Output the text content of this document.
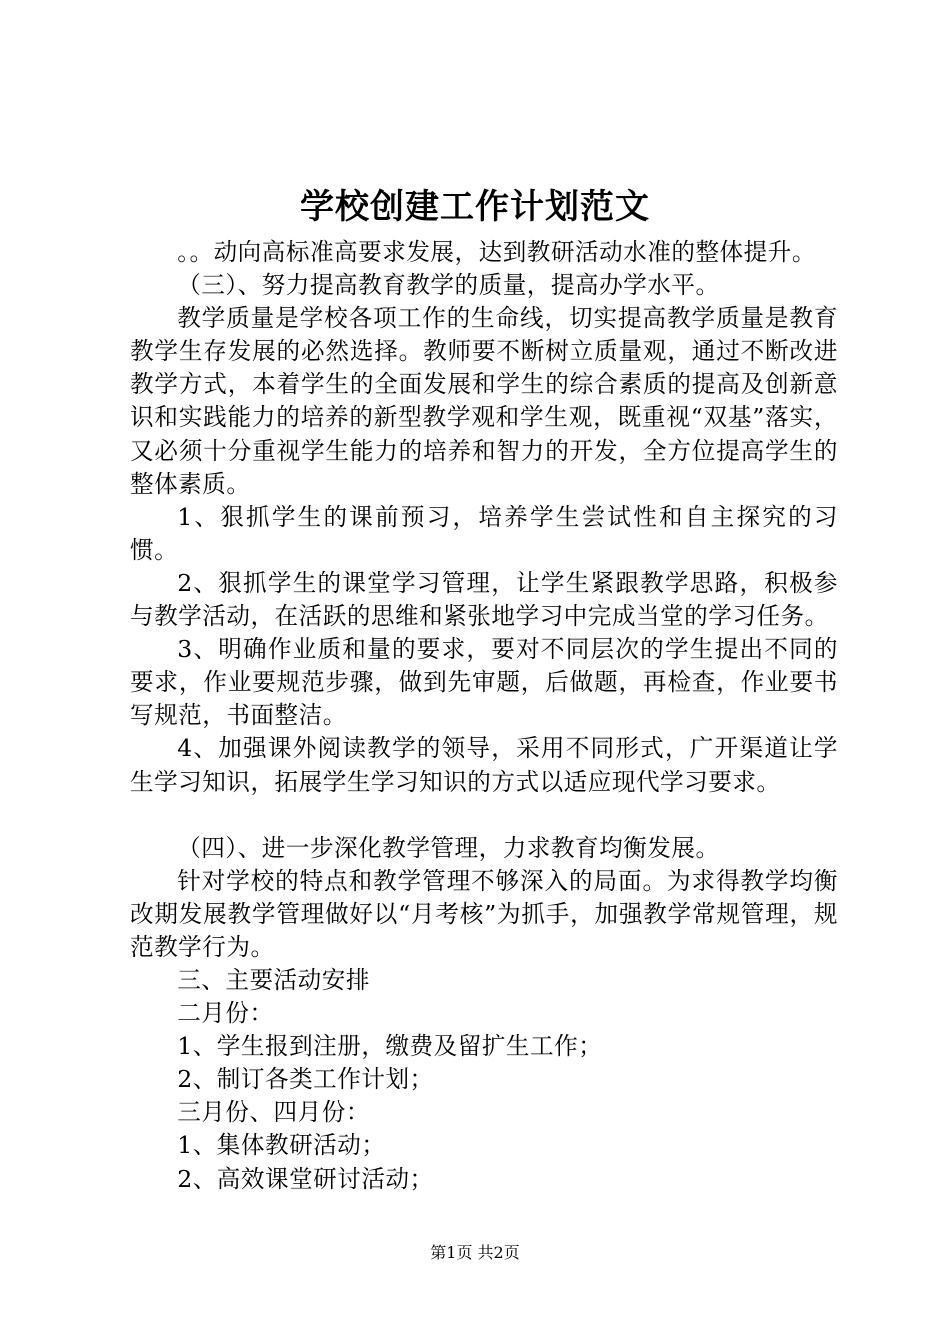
学校创建工作计划范文

。。动向高标准高要求发展，达到教研活动水准的整体提升。

（三）、努力提高教育教学的质量，提高办学水平。

教学质量是学校各项工作的生命线，切实提高教学质量是教育教学生存发展的必然选择。教师要不断树立质量观，通过不断改进教学方式，本着学生的全面发展和学生的综合素质的提高及创新意识和实践能力的培养的新型教学观和学生观，既重视“双基”落实，又必须十分重视学生能力的培养和智力的开发，全方位提高学生的整体素质。

1、狠抓学生的课前预习，培养学生尝试性和自主探究的习惯。

2、狠抓学生的课堂学习管理，让学生紧跟教学思路，积极参与教学活动，在活跃的思维和紧张地学习中完成当堂的学习任务。

3、明确作业质和量的要求，要对不同层次的学生提出不同的要求，作业要规范步骤，做到先审题，后做题，再检查，作业要书写规范，书面整洁。

4、加强课外阅读教学的领导，采用不同形式，广开渠道让学生学习知识，拓展学生学习知识的方式以适应现代学习要求。

（四）、进一步深化教学管理，力求教育均衡发展。

针对学校的特点和教学管理不够深入的局面。为求得教学均衡改期发展教学管理做好以“月考核”为抓手，加强教学常规管理，规范教学行为。

三、主要活动安排

二月份：

1、学生报到注册，缴费及留扩生工作；

2、制订各类工作计划；

三月份、四月份：

1、集体教研活动；

2、高效课堂研讨活动；

第1页 共2页
